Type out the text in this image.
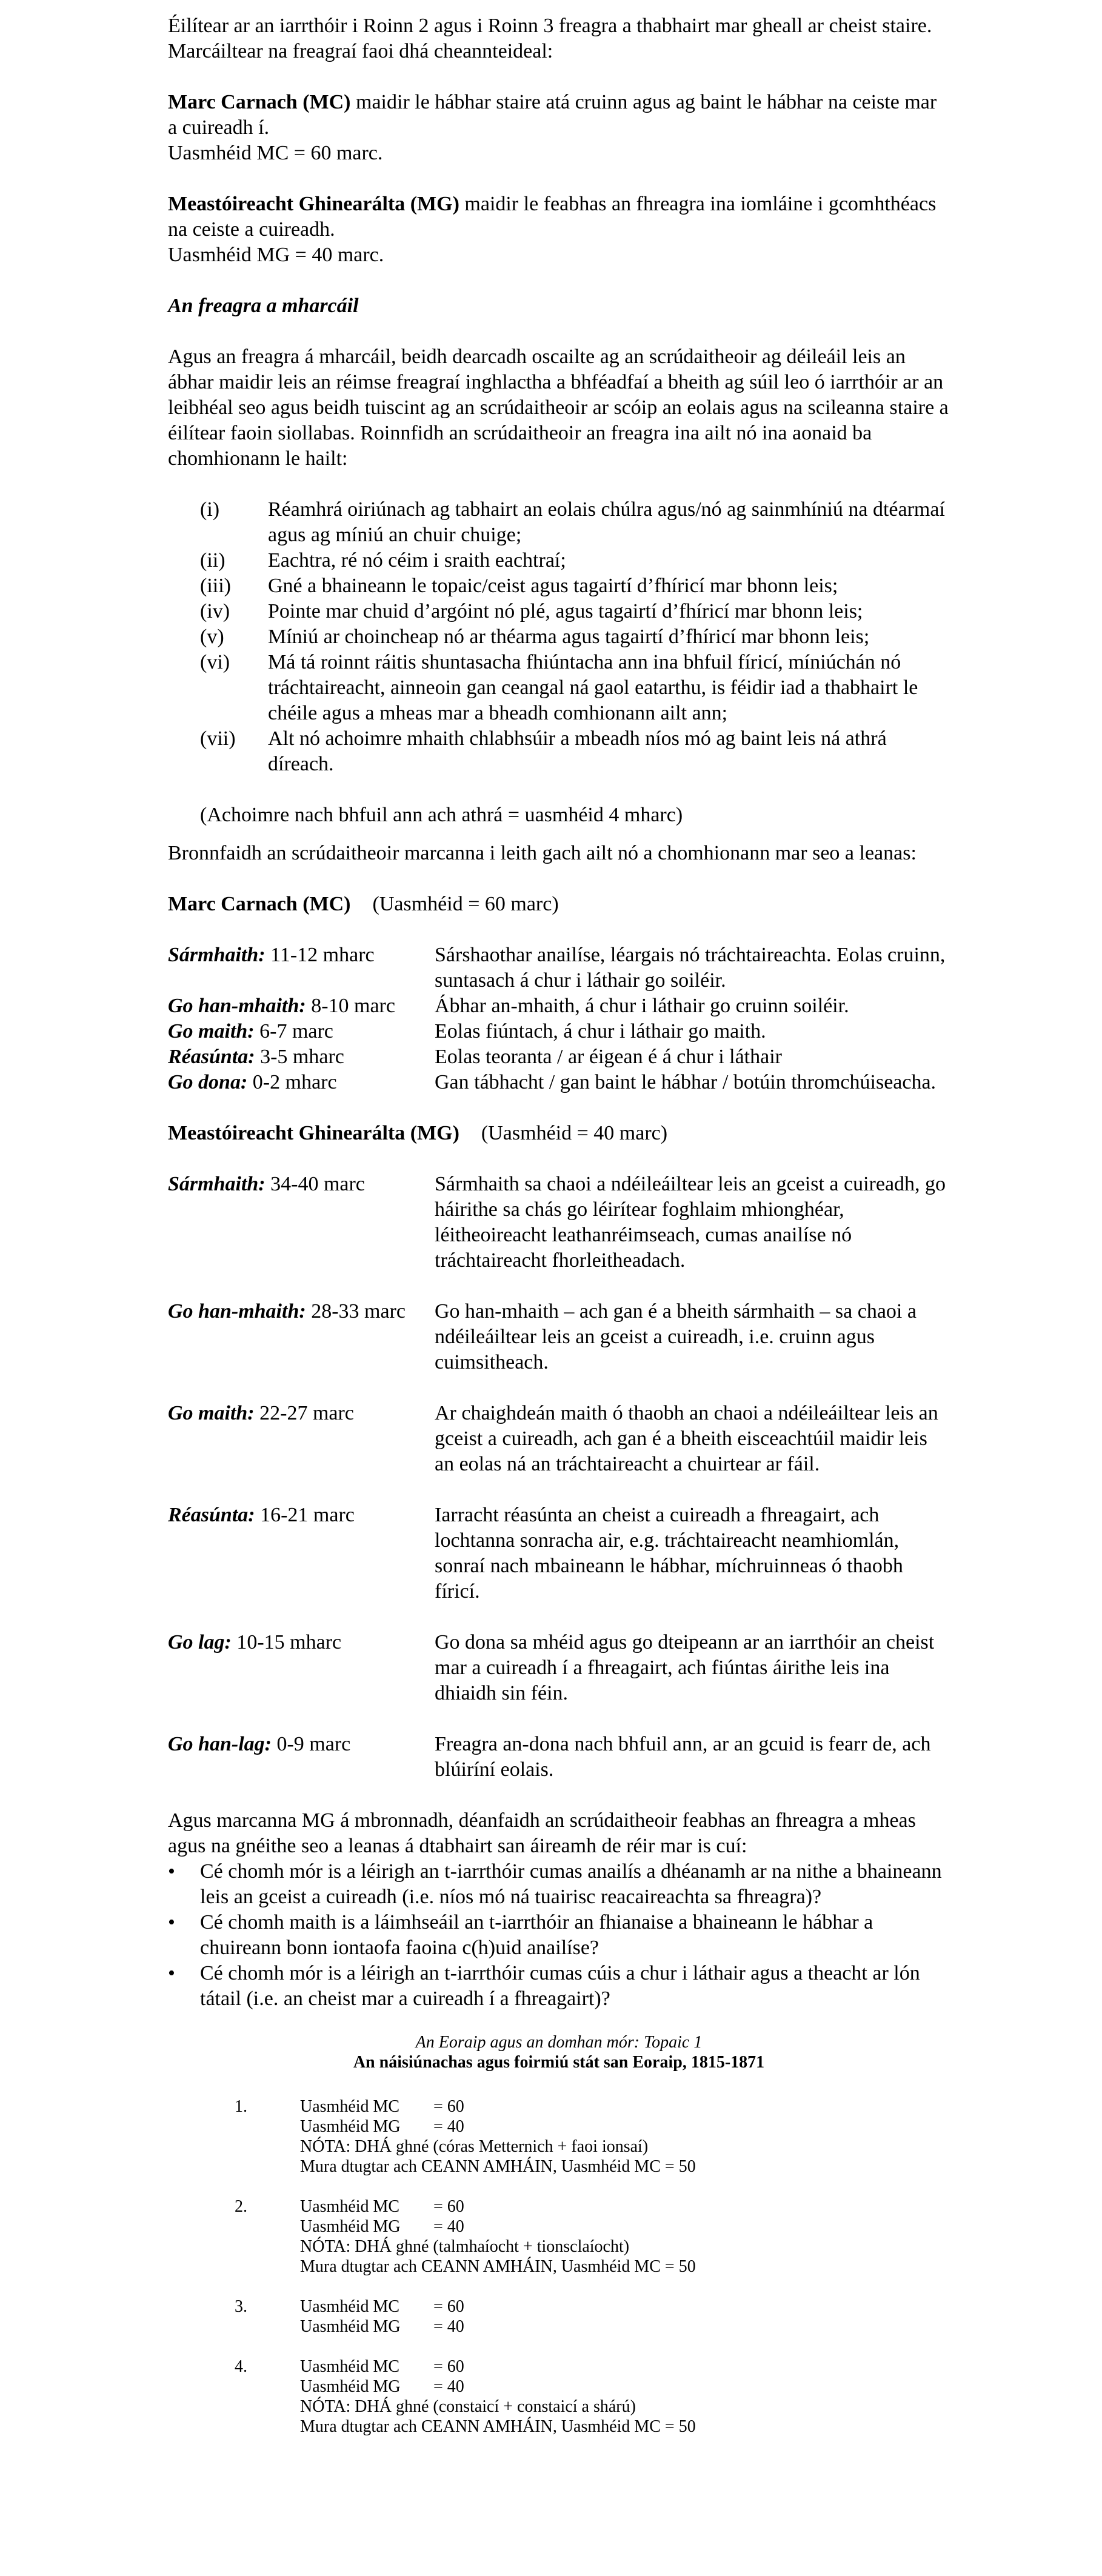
Éilítear ar an iarrthóir i Roinn 2 agus i Roinn 3 freagra a thabhairt mar gheall ar cheist staire. Marcáiltear na freagraí faoi dhá cheannteideal:

Marc Carnach (MC) maidir le hábhar staire atá cruinn agus ag baint le hábhar na ceiste mar a cuireadh í.

Uasmhéid MC = 60 marc.

Meastóireacht Ghinearálta (MG) maidir le feabhas an fhreagra ina iomláine i gcomhthéacs na ceiste a cuireadh.

Uasmhéid MG = 40 marc.

An freagra a mharcáil

Agus an freagra á mharcáil, beidh dearcadh oscailte ag an scrúdaitheoir ag déileáil leis an ábhar maidir leis an réimse freagraí inghlactha a bhféadfaí a bheith ag súil leo ó iarrthóir ar an leibhéal seo agus beidh tuiscint ag an scrúdaitheoir ar scóip an eolais agus na scileanna staire a éilítear faoin siollabas. Roinnfidh an scrúdaitheoir an freagra ina ailt nó ina aonaid ba chomhionann le hailt:

(i)	Réamhrá oiriúnach ag tabhairt an eolais chúlra agus/nó ag sainmhíniú na dtéarmaí agus ag míniú an chuir chuige;
(ii)	Eachtra, ré nó céim i sraith eachtraí;
(iii)	Gné a bhaineann le topaic/ceist agus tagairtí d’fhíricí mar bhonn leis;
(iv)	Pointe mar chuid d’argóint nó plé, agus tagairtí d’fhíricí mar bhonn leis;
(v)	Míniú ar choincheap nó ar théarma agus tagairtí d’fhíricí mar bhonn leis;
(vi)	Má tá roinnt ráitis shuntasacha fhiúntacha ann ina bhfuil fíricí, míniúchán nó tráchtaireacht, ainneoin gan ceangal ná gaol eatarthu, is féidir iad a thabhairt le chéile agus a mheas mar a bheadh comhionann ailt ann;
(vii)	Alt nó achoimre mhaith chlabhsúir a mbeadh níos mó ag baint leis ná athrá díreach.

(Achoimre nach bhfuil ann ach athrá = uasmhéid 4 mharc)

Bronnfaidh an scrúdaitheoir marcanna i leith gach ailt nó a chomhionann mar seo a leanas:

Marc Carnach (MC) (Uasmhéid = 60 marc)
Sármhaith: 11-12 mharc	Sárshaothar anailíse, léargais nó tráchtaireachta. Eolas cruinn, suntasach á chur i láthair go soiléir.
Go han-mhaith: 8-10 marc	Ábhar an-mhaith, á chur i láthair go cruinn soiléir.
Go maith: 6-7 marc	Eolas fiúntach, á chur i láthair go maith.
Réasúnta: 3-5 mharc	Eolas teoranta / ar éigean é á chur i láthair
Go dona: 0-2 mharc	Gan tábhacht / gan baint le hábhar / botúin thromchúiseacha.
Meastóireacht Ghinearálta (MG) (Uasmhéid = 40 marc)
Sármhaith: 34-40 marc	Sármhaith sa chaoi a ndéileáiltear leis an gceist a cuireadh, go háirithe sa chás go léirítear foghlaim mhionghéar, léitheoireacht leathanréimseach, cumas anailíse nó tráchtaireacht fhorleitheadach.
Go han-mhaith: 28-33 marc	Go han-mhaith – ach gan é a bheith sármhaith – sa chaoi a ndéileáiltear leis an gceist a cuireadh, i.e. cruinn agus cuimsitheach.
Go maith: 22-27 marc	Ar chaighdeán maith ó thaobh an chaoi a ndéileáiltear leis an gceist a cuireadh, ach gan é a bheith eisceachtúil maidir leis an eolas ná an tráchtaireacht a chuirtear ar fáil.
Réasúnta: 16-21 marc	Iarracht réasúnta an cheist a cuireadh a fhreagairt, ach lochtanna sonracha air, e.g. tráchtaireacht neamhiomlán, sonraí nach mbaineann le hábhar, míchruinneas ó thaobh fíricí.
Go lag: 10-15 mharc	Go dona sa mhéid agus go dteipeann ar an iarrthóir an cheist mar a cuireadh í a fhreagairt, ach fiúntas áirithe leis ina dhiaidh sin féin.
Go han-lag: 0-9 marc	Freagra an-dona nach bhfuil ann, ar an gcuid is fearr de, ach blúiríní eolais.

Agus marcanna MG á mbronnadh, déanfaidh an scrúdaitheoir feabhas an fhreagra a mheas agus na gnéithe seo a leanas á dtabhairt san áireamh de réir mar is cuí:

•	Cé chomh mór is a léirigh an t-iarrthóir cumas anailís a dhéanamh ar na nithe a bhaineann leis an gceist a cuireadh (i.e. níos mó ná tuairisc reacaireachta sa fhreagra)?
•	Cé chomh maith is a láimhseáil an t-iarrthóir an fhianaise a bhaineann le hábhar a chuireann bonn iontaofa faoina c(h)uid anailíse?
•	Cé chomh mór is a léirigh an t-iarrthóir cumas cúis a chur i láthair agus a theacht ar lón tátail (i.e. an cheist mar a cuireadh í a fhreagairt)?
An Eoraip agus an domhan mór: Topaic 1
An náisiúnachas agus foirmiú stát san Eoraip, 1815-1871
1.	Uasmhéid MC	= 60
Uasmhéid MG	= 40
NÓTA: DHÁ ghné (córas Metternich + faoi ionsaí)
Mura dtugtar ach CEANN AMHÁIN, Uasmhéid MC = 50
2.	Uasmhéid MC	= 60
Uasmhéid MG	= 40
NÓTA: DHÁ ghné (talmhaíocht + tionsclaíocht)
Mura dtugtar ach CEANN AMHÁIN, Uasmhéid MC = 50
3.	Uasmhéid MC	= 60
Uasmhéid MG	= 40
4.	Uasmhéid MC	= 60
Uasmhéid MG	= 40
NÓTA: DHÁ ghné (constaicí + constaicí a shárú)
Mura dtugtar ach CEANN AMHÁIN, Uasmhéid MC = 50
